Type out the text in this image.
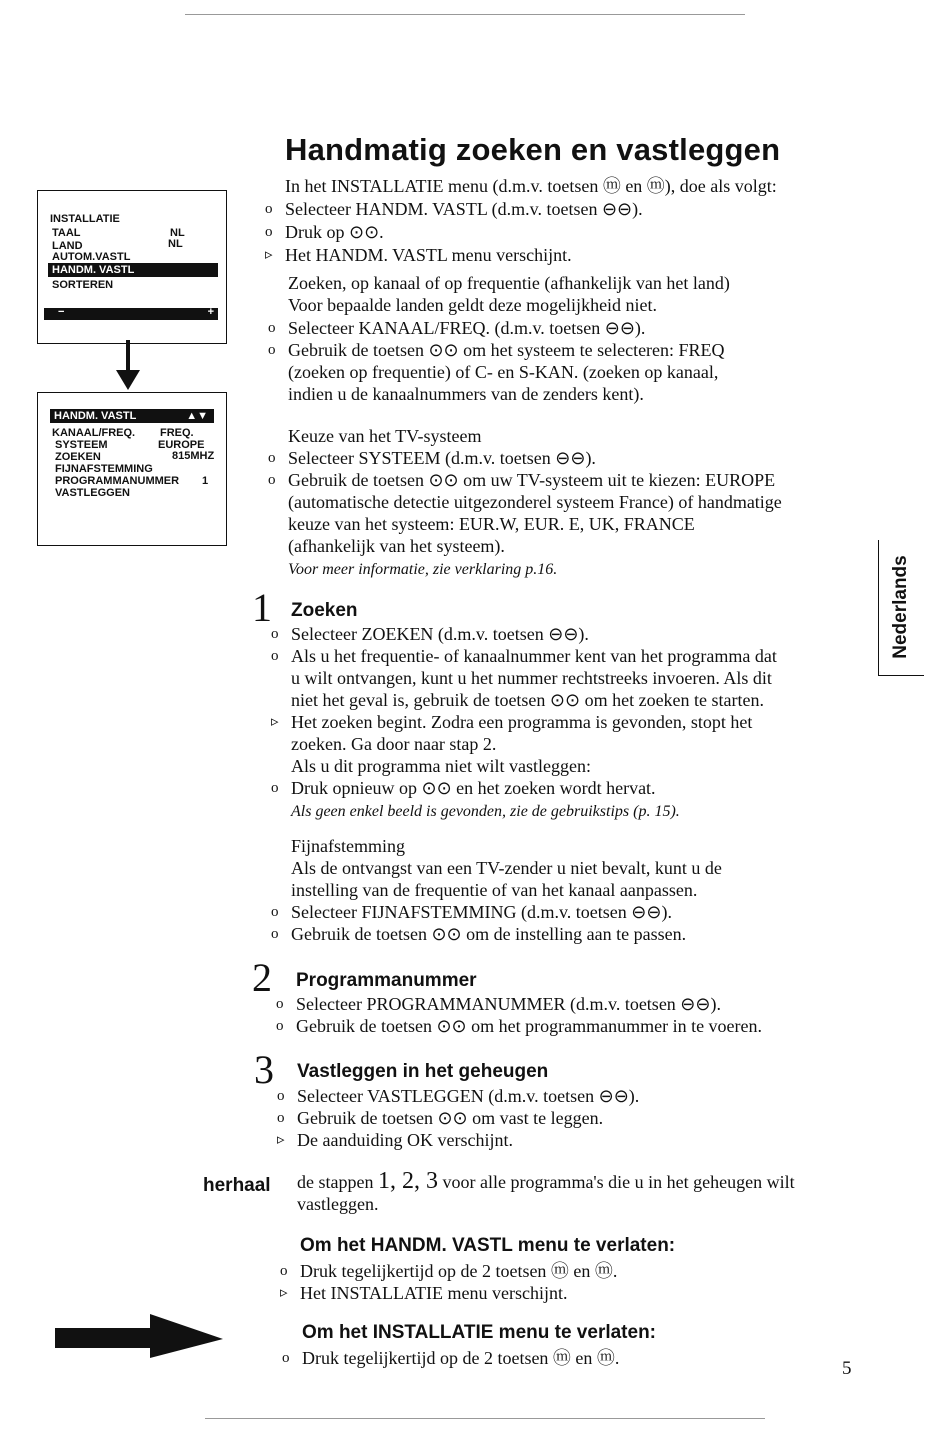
Handmatig zoeken en vastleggen
In het INSTALLATIE menu (d.m.v. toetsen ⓜ en ⓜ), doe als volgt:
o Selecteer HANDM. VASTL (d.m.v. toetsen ⊖⊖).
o Druk op ⊙⊙.
▹ Het HANDM. VASTL menu verschijnt.
Zoeken, op kanaal of op frequentie (afhankelijk van het land)
Voor bepaalde landen geldt deze mogelijkheid niet.
o Selecteer KANAAL/FREQ. (d.m.v. toetsen ⊖⊖).
o Gebruik de toetsen ⊙⊙ om het systeem te selecteren: FREQ
(zoeken op frequentie) of C- en S-KAN. (zoeken op kanaal,
indien u de kanaalnummers van de zenders kent).
Keuze van het TV-systeem
o Selecteer SYSTEEM (d.m.v. toetsen ⊖⊖).
o Gebruik de toetsen ⊙⊙ om uw TV-systeem uit te kiezen: EUROPE
(automatische detectie uitgezonderel systeem France) of handmatige
keuze van het systeem: EUR.W, EUR. E, UK, FRANCE
(afhankelijk van het systeem).
Voor meer informatie, zie verklaring p.16.
1 Zoeken
o Selecteer ZOEKEN (d.m.v. toetsen ⊖⊖).
o Als u het frequentie- of kanaalnummer kent van het programma dat
u wilt ontvangen, kunt u het nummer rechtstreeks invoeren. Als dit
niet het geval is, gebruik de toetsen ⊙⊙ om het zoeken te starten.
▹ Het zoeken begint. Zodra een programma is gevonden, stopt het
zoeken. Ga door naar stap 2.
Als u dit programma niet wilt vastleggen:
o Druk opnieuw op ⊙⊙ en het zoeken wordt hervat.
Als geen enkel beeld is gevonden, zie de gebruikstips (p. 15).
Fijnafstemming
Als de ontvangst van een TV-zender u niet bevalt, kunt u de
instelling van de frequentie of van het kanaal aanpassen.
o Selecteer FIJNAFSTEMMING (d.m.v. toetsen ⊖⊖).
o Gebruik de toetsen ⊙⊙ om de instelling aan te passen.
2 Programmanummer
o Selecteer PROGRAMMANUMMER (d.m.v. toetsen ⊖⊖).
o Gebruik de toetsen ⊙⊙ om het programmanummer in te voeren.
3 Vastleggen in het geheugen
o Selecteer VASTLEGGEN (d.m.v. toetsen ⊖⊖).
o Gebruik de toetsen ⊙⊙ om vast te leggen.
▹ De aanduiding OK verschijnt.
herhaal de stappen 1, 2, 3 voor alle programma's die u in het geheugen wilt
vastleggen.
Om het HANDM. VASTL menu te verlaten:
o Druk tegelijkertijd op de 2 toetsen ⓜ en ⓜ.
▹ Het INSTALLATIE menu verschijnt.
Om het INSTALLATIE menu te verlaten:
o Druk tegelijkertijd op de 2 toetsen ⓜ en ⓜ.	5
Nederlands
INSTALLATIE
TAAL	NL
LAND	NL
AUTOM.VASTL
HANDM. VASTL
SORTEREN
−	+
HANDM. VASTL	▲▼
KANAAL/FREQ. FREQ.
SYSTEEM	EUROPE
ZOEKEN	815MHZ
FIJNAFSTEMMING
PROGRAMMANUMMER 1
VASTLEGGEN
